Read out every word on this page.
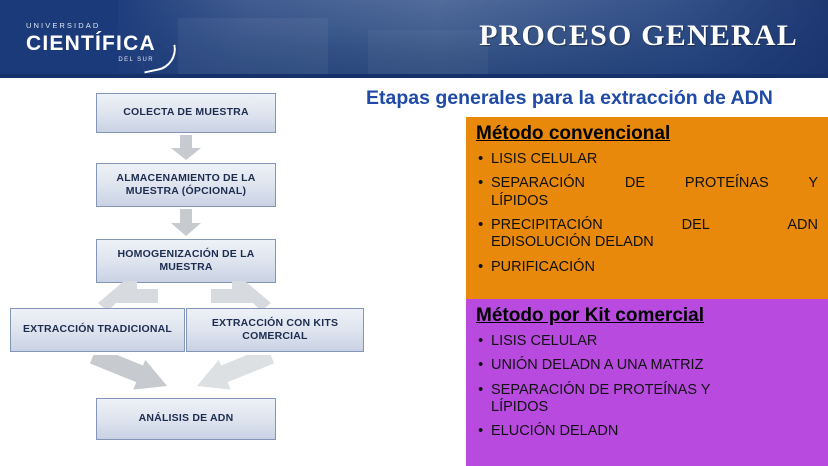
UNIVERSIDAD
CIENTÍFICA
DEL SUR
PROCESO GENERAL
COLECTA DE MUESTRA
ALMACENAMIENTO DE LA MUESTRA (ÓPCIONAL)
HOMOGENIZACIÓN DE LA MUESTRA
EXTRACCIÓN TRADICIONAL
EXTRACCIÓN CON KITS COMERCIAL
ANÁLISIS DE ADN
Etapas generales para la extracción de ADN
Método convencional
• LISIS CELULAR
• SEPARACIÓN DE PROTEÍNAS Y
LÍPIDOS
• PRECIPITACIÓN DEL ADN
EDISOLUCIÓN DELADN
• PURIFICACIÓN
Método por Kit comercial
• LISIS CELULAR
• UNIÓN DELADN A UNA MATRIZ
• SEPARACIÓN DE PROTEÍNAS Y
LÍPIDOS
• ELUCIÓN DELADN
